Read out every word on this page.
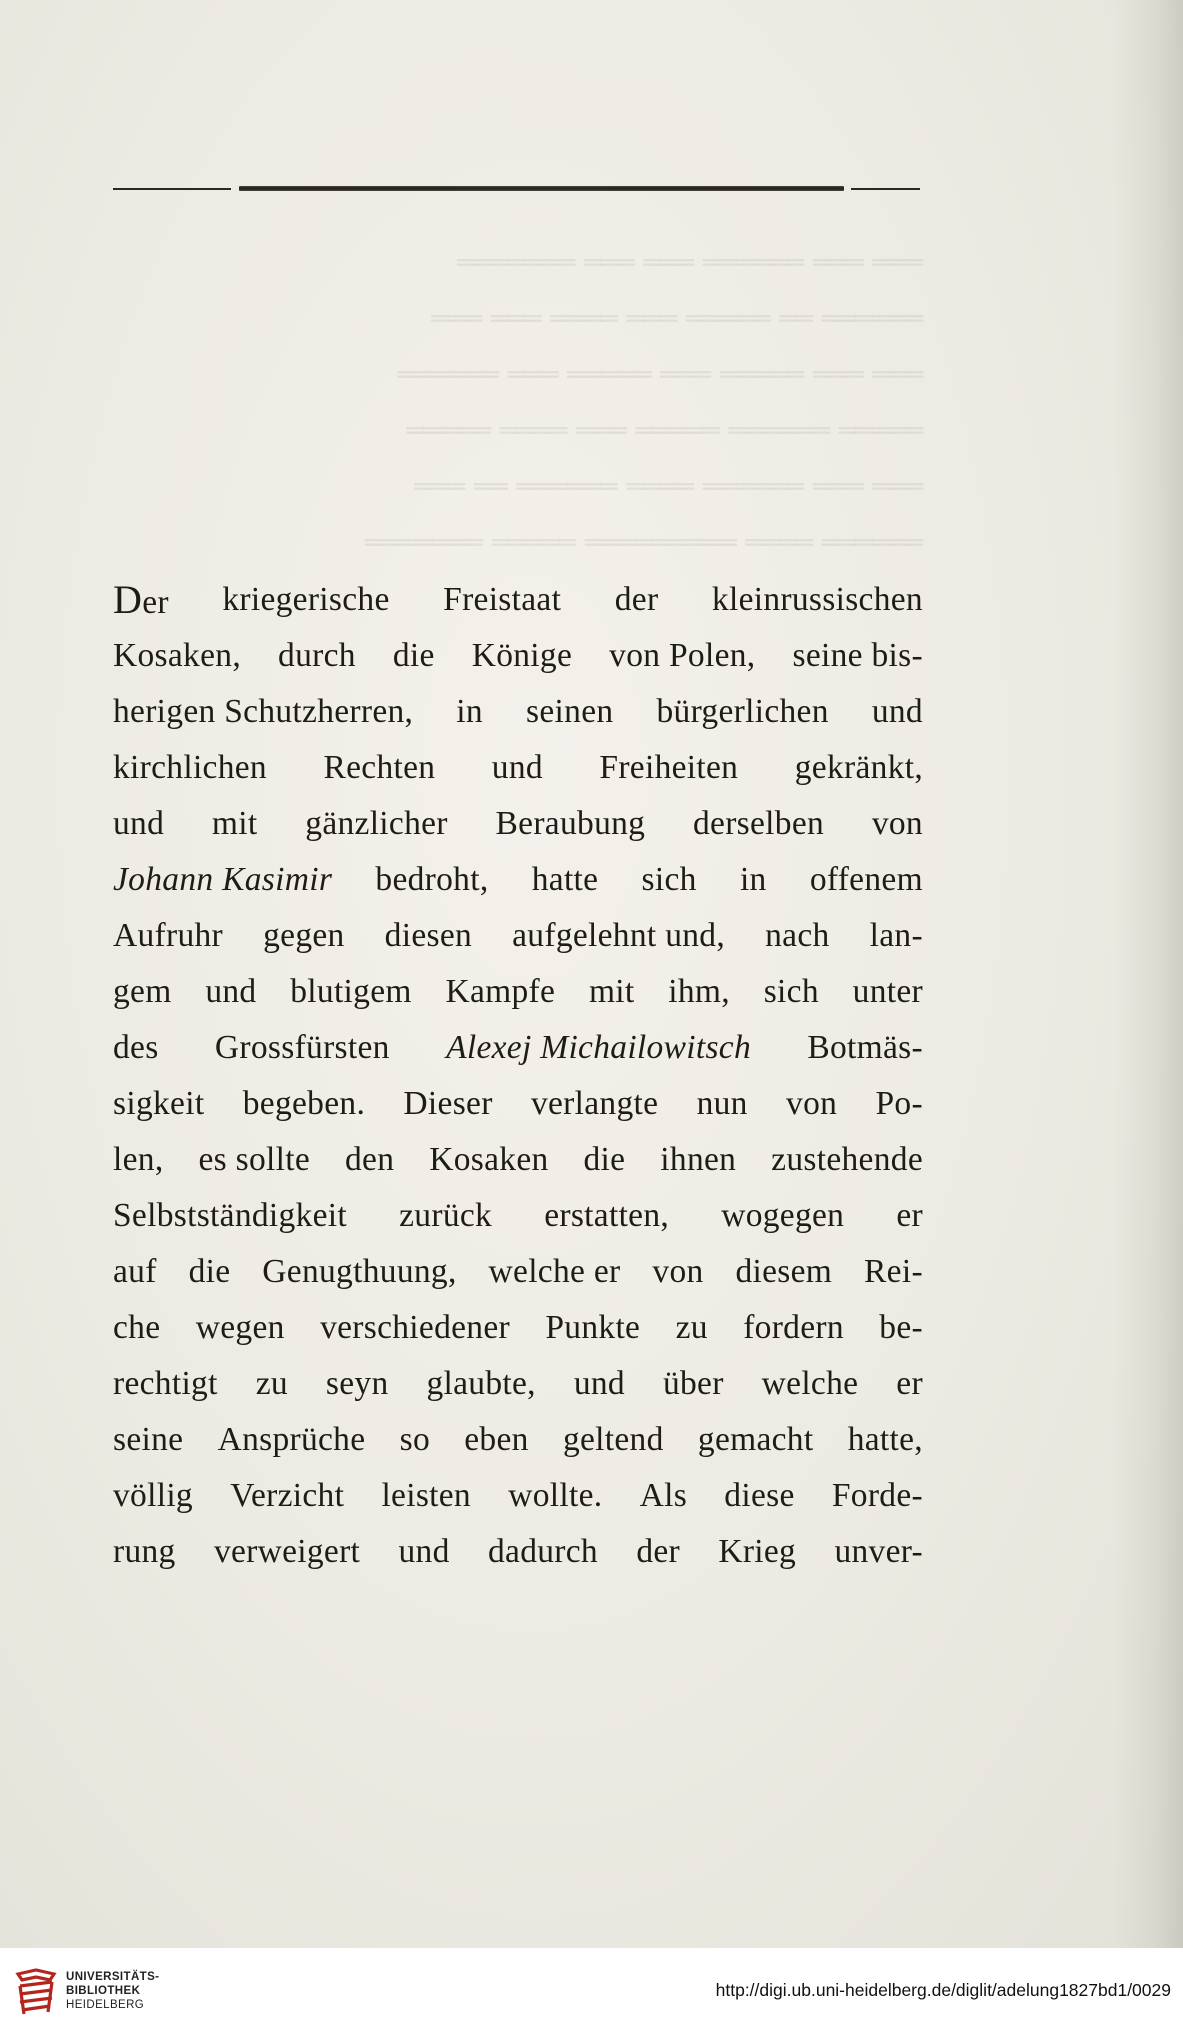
═══ ═══ ══════ ═══ ═══ ═══════
══════ ══ ═════ ═══ ════ ═══ ═══
═══ ═══ ═════ ═══ ═════ ═══ ══════
═════ ══════ ═════ ═══ ════ ═════
═══ ═══ ══════ ════ ══════ ══ ═══
══════ ════ ═════════ ═════ ═══════
Der kriegerische Freistaat der kleinrussischen
Kosaken, durch die Könige von Polen, seine bis-
herigen Schutzherren, in seinen bürgerlichen und
kirchlichen Rechten und Freiheiten gekränkt,
und mit gänzlicher Beraubung derselben von
Johann Kasimir bedroht, hatte sich in offenem
Aufruhr gegen diesen aufgelehnt und, nach lan-
gem und blutigem Kampfe mit ihm, sich unter
des Grossfürsten Alexej Michailowitsch Botmäs-
sigkeit begeben. Dieser verlangte nun von Po-
len, es sollte den Kosaken die ihnen zustehende
Selbstständigkeit zurück erstatten, wogegen er
auf die Genugthuung, welche er von diesem Rei-
che wegen verschiedener Punkte zu fordern be-
rechtigt zu seyn glaubte, und über welche er
seine Ansprüche so eben geltend gemacht hatte,
völlig Verzicht leisten wollte. Als diese Forde-
rung verweigert und dadurch der Krieg unver-
UNIVERSITÄTS-
BIBLIOTHEK
HEIDELBERG
http://digi.ub.uni-heidelberg.de/diglit/adelung1827bd1/0029
